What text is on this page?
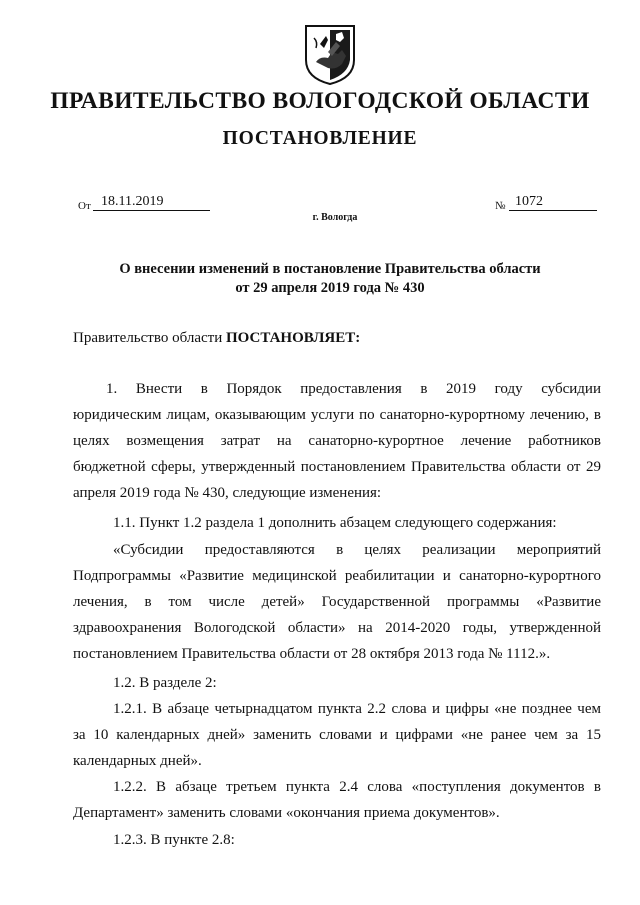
ПРАВИТЕЛЬСТВО ВОЛОГОДСКОЙ ОБЛАСТИ
ПОСТАНОВЛЕНИЕ
От 18.11.2019	№ 1072
г. Вологда
О внесении изменений в постановление Правительства области
от 29 апреля 2019 года № 430
Правительство области ПОСТАНОВЛЯЕТ:
1. Внести в Порядок предоставления в 2019 году субсидии
юридическим лицам, оказывающим услуги по санаторно-курортному лечению, в
целях возмещения затрат на санаторно-курортное лечение работников
бюджетной сферы, утвержденный постановлением Правительства области от 29
апреля 2019 года № 430, следующие изменения:
1.1. Пункт 1.2 раздела 1 дополнить абзацем следующего содержания:
«Субсидии предоставляются в целях реализации мероприятий
Подпрограммы «Развитие медицинской реабилитации и санаторно-курортного
лечения, в том числе детей» Государственной программы «Развитие
здравоохранения Вологодской области» на 2014-2020 годы, утвержденной
постановлением Правительства области от 28 октября 2013 года № 1112.».
1.2. В разделе 2:
1.2.1. В абзаце четырнадцатом пункта 2.2 слова и цифры «не позднее чем
за 10 календарных дней» заменить словами и цифрами «не ранее чем за 15
календарных дней».
1.2.2. В абзаце третьем пункта 2.4 слова «поступления документов в
Департамент» заменить словами «окончания приема документов».
1.2.3. В пункте 2.8:
